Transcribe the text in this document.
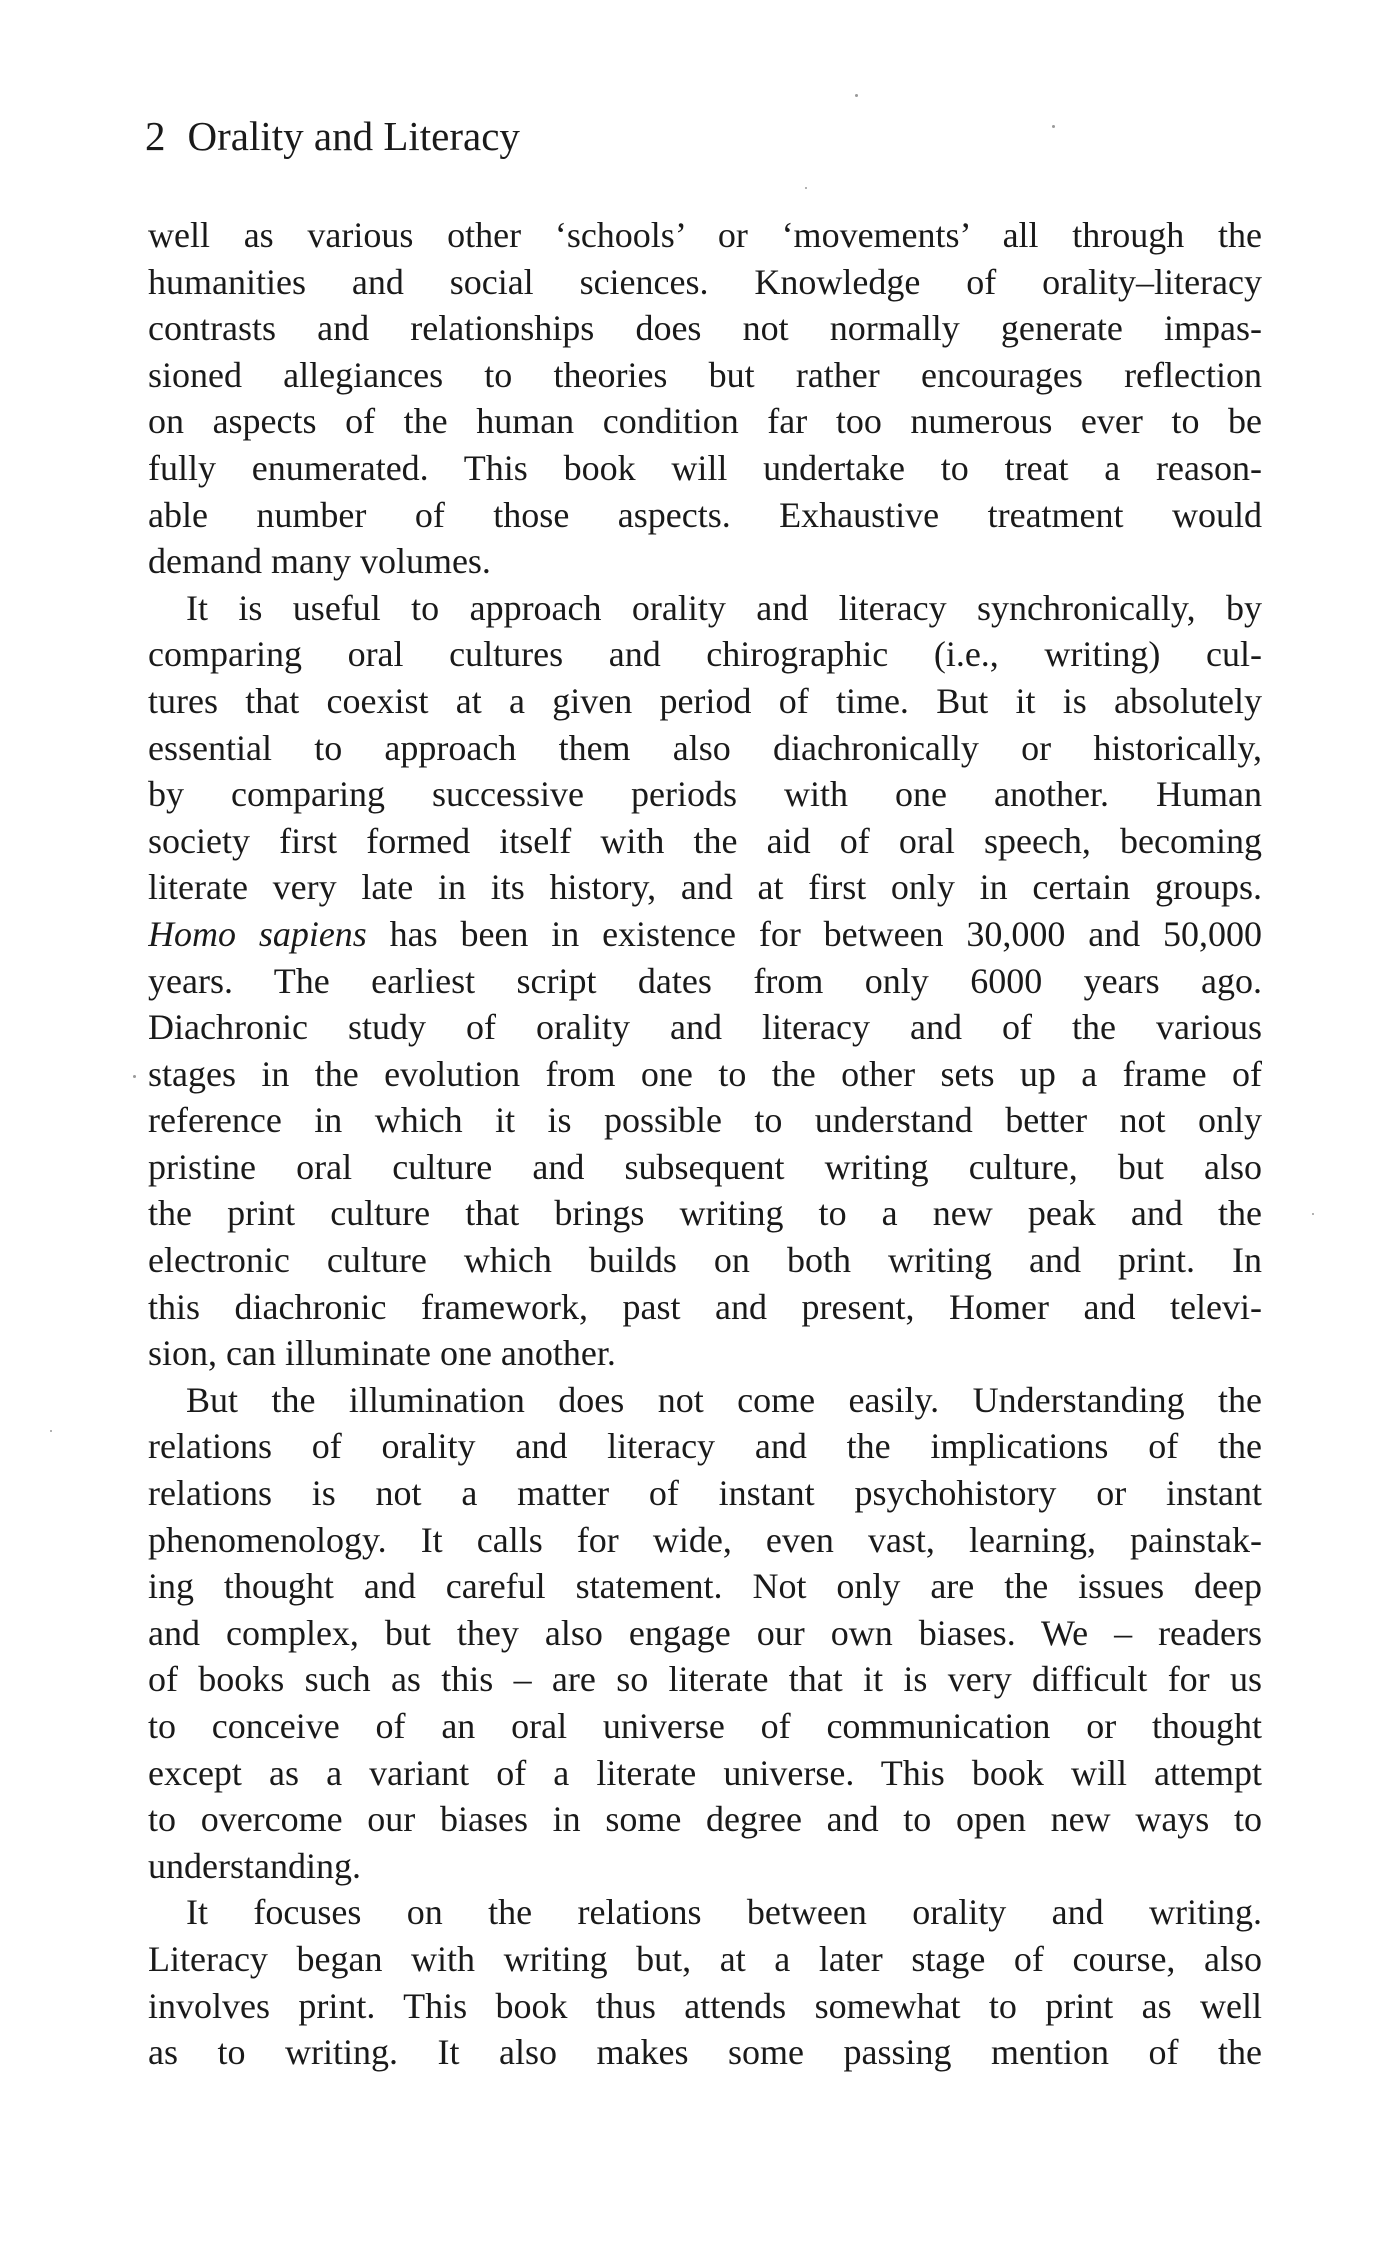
2 Orality and Literacy
well as various other ‘schools’ or ‘movements’ all through the
humanities and social sciences. Knowledge of orality–literacy
contrasts and relationships does not normally generate impas-
sioned allegiances to theories but rather encourages reflection
on aspects of the human condition far too numerous ever to be
fully enumerated. This book will undertake to treat a reason-
able number of those aspects. Exhaustive treatment would
demand many volumes.
It is useful to approach orality and literacy synchronically, by
comparing oral cultures and chirographic (i.e., writing) cul-
tures that coexist at a given period of time. But it is absolutely
essential to approach them also diachronically or historically,
by comparing successive periods with one another. Human
society first formed itself with the aid of oral speech, becoming
literate very late in its history, and at first only in certain groups.
Homo sapiens has been in existence for between 30,000 and 50,000
years. The earliest script dates from only 6000 years ago.
Diachronic study of orality and literacy and of the various
stages in the evolution from one to the other sets up a frame of
reference in which it is possible to understand better not only
pristine oral culture and subsequent writing culture, but also
the print culture that brings writing to a new peak and the
electronic culture which builds on both writing and print. In
this diachronic framework, past and present, Homer and televi-
sion, can illuminate one another.
But the illumination does not come easily. Understanding the
relations of orality and literacy and the implications of the
relations is not a matter of instant psychohistory or instant
phenomenology. It calls for wide, even vast, learning, painstak-
ing thought and careful statement. Not only are the issues deep
and complex, but they also engage our own biases. We – readers
of books such as this – are so literate that it is very difficult for us
to conceive of an oral universe of communication or thought
except as a variant of a literate universe. This book will attempt
to overcome our biases in some degree and to open new ways to
understanding.
It focuses on the relations between orality and writing.
Literacy began with writing but, at a later stage of course, also
involves print. This book thus attends somewhat to print as well
as to writing. It also makes some passing mention of the
